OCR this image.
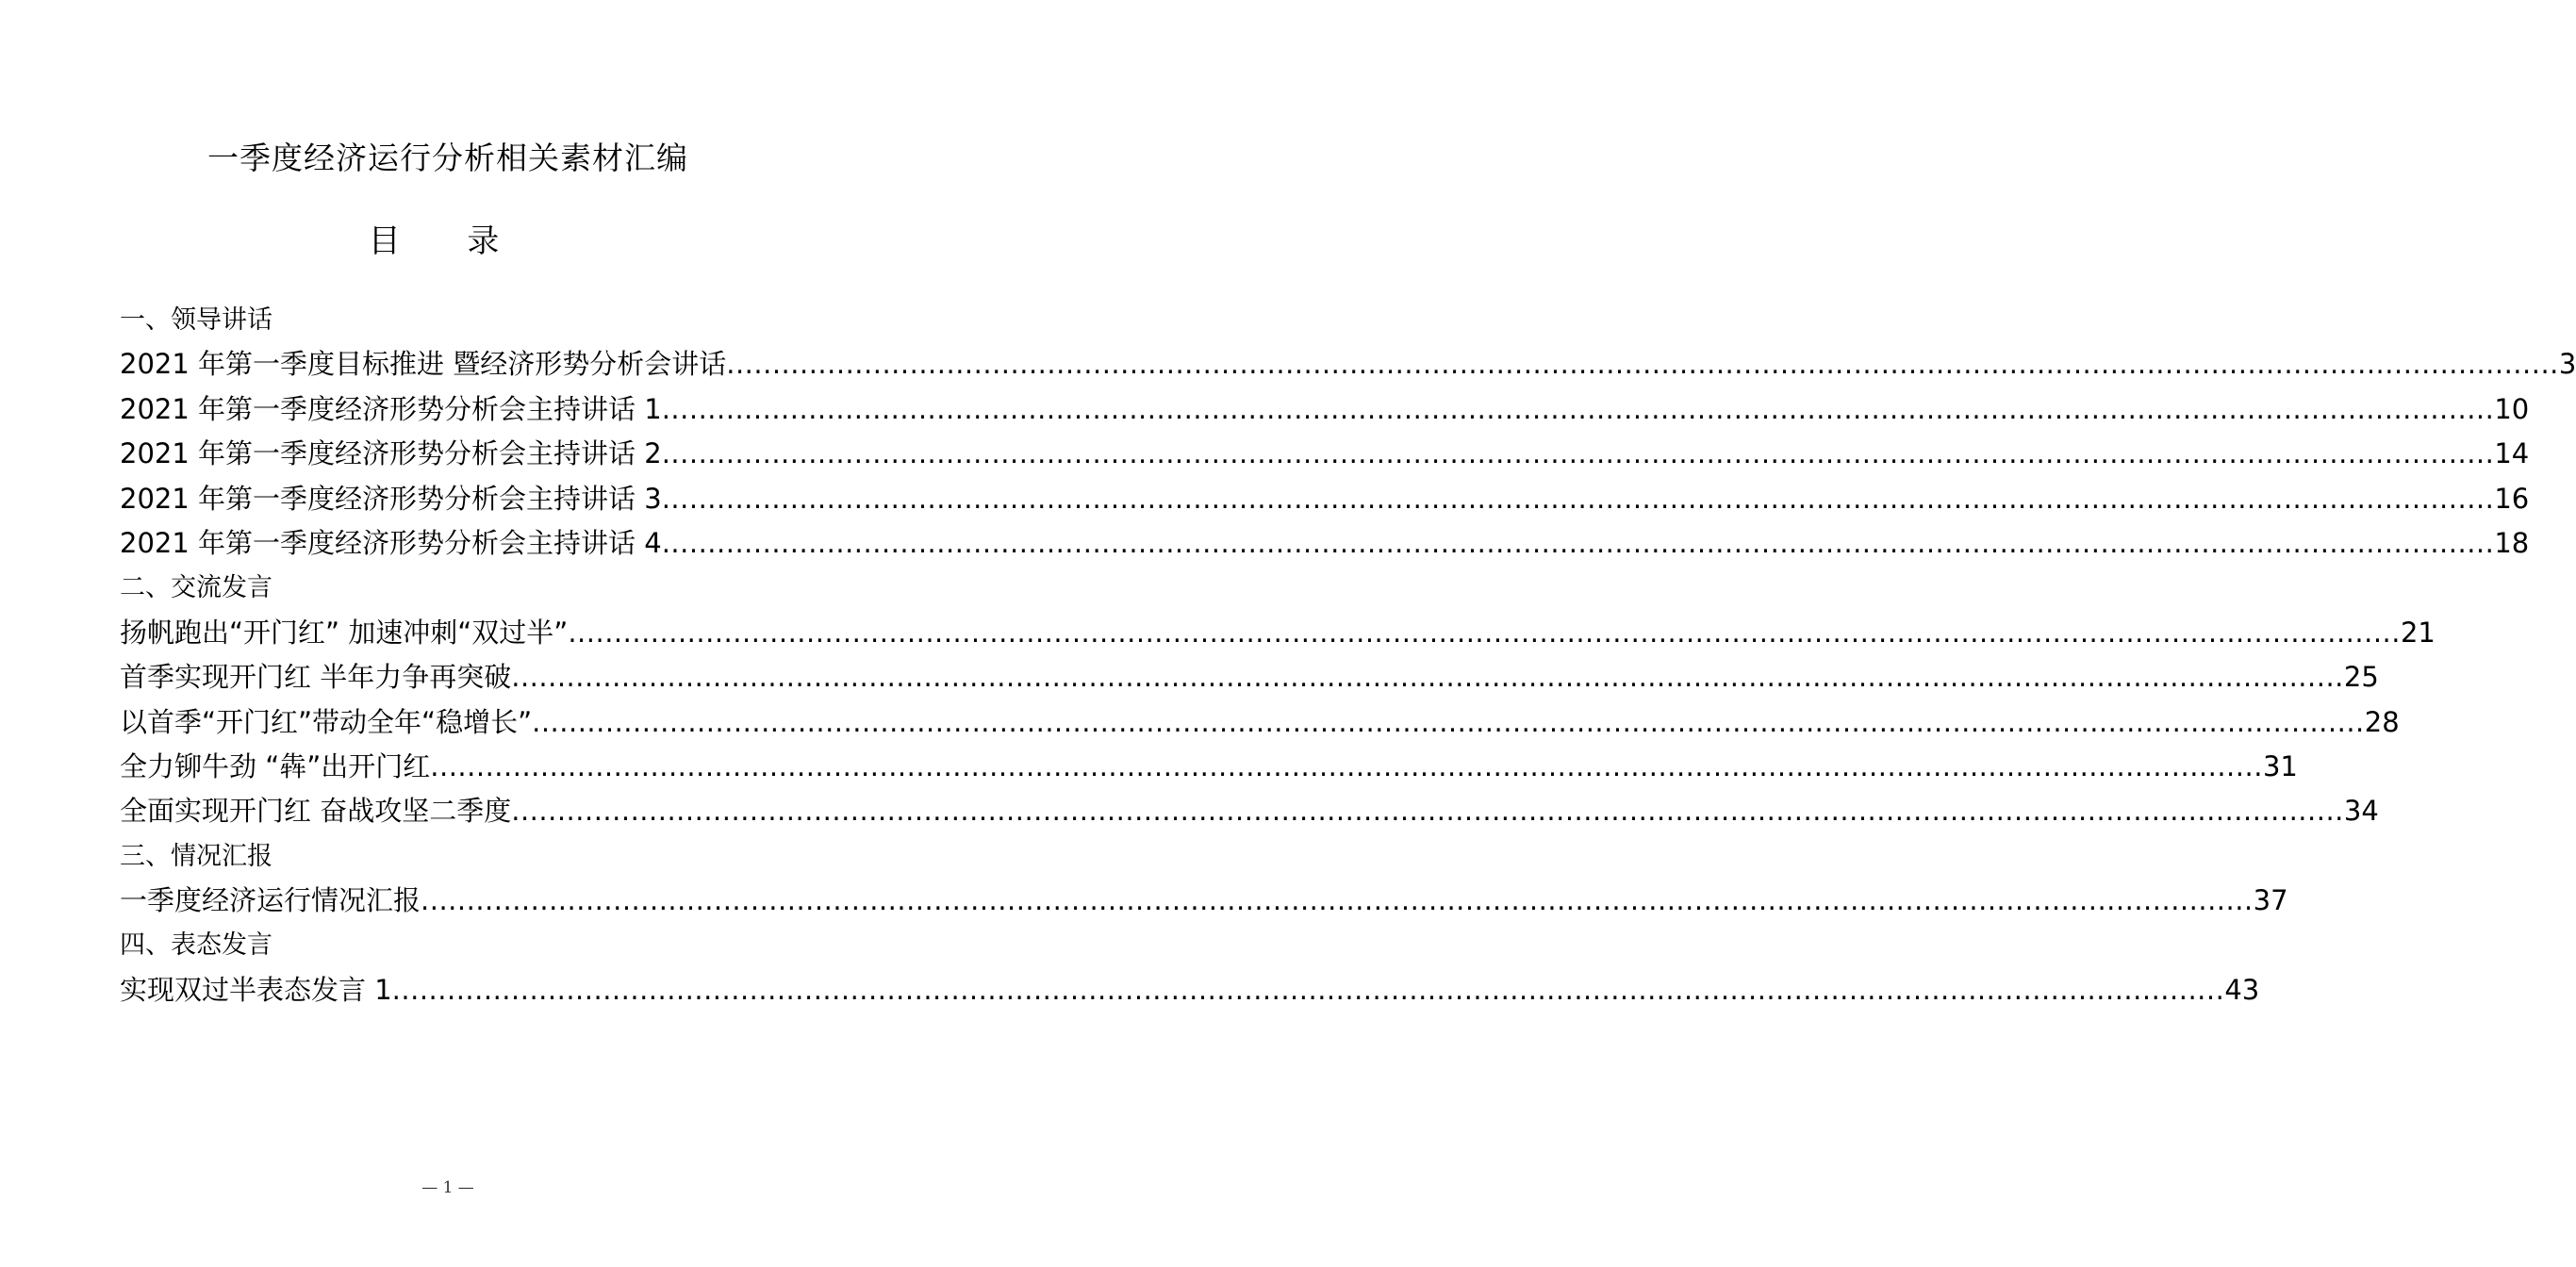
一季度经济运行分析相关素材汇编
目 录
一、领导讲话
2021 年第一季度目标推进 暨经济形势分析会讲话 ........................................................................................................................................................................................................ 3
2021 年第一季度经济形势分析会主持讲话 1 ........................................................................................................................................................................................................ 10
2021 年第一季度经济形势分析会主持讲话 2 ........................................................................................................................................................................................................ 14
2021 年第一季度经济形势分析会主持讲话 3 ........................................................................................................................................................................................................ 16
2021 年第一季度经济形势分析会主持讲话 4 ........................................................................................................................................................................................................ 18
二、交流发言
扬帆跑出“开门红” 加速冲刺“双过半” ........................................................................................................................................................................................................ 21
首季实现开门红 半年力争再突破 ........................................................................................................................................................................................................ 25
以首季“开门红”带动全年“稳增长” ........................................................................................................................................................................................................ 28
全力铆牛劲 “犇”出开门红 ........................................................................................................................................................................................................ 31
全面实现开门红 奋战攻坚二季度 ........................................................................................................................................................................................................ 34
三、情况汇报
一季度经济运行情况汇报 ........................................................................................................................................................................................................ 37
四、表态发言
实现双过半表态发言 1 ........................................................................................................................................................................................................ 43
— 1 —
